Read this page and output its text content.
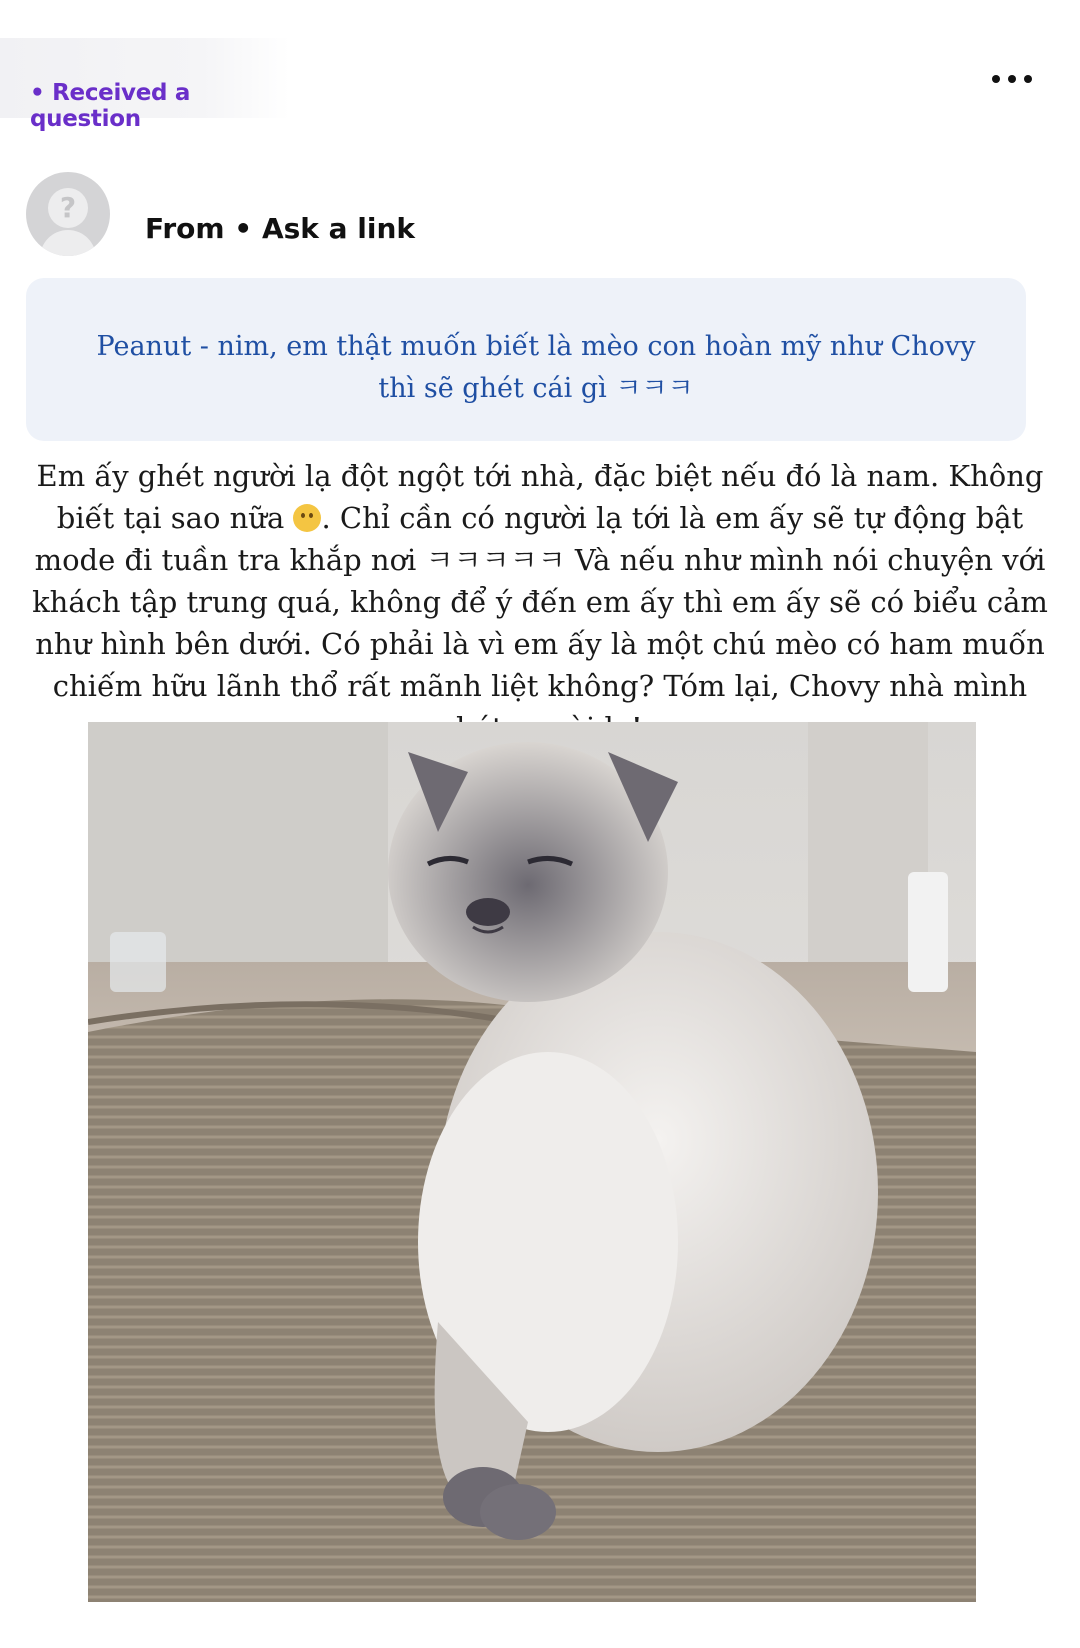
• Received a question
?
From • Ask a link
Peanut - nim, em thật muốn biết là mèo con hoàn mỹ như Chovy thì sẽ ghét cái gì ㅋㅋㅋ
Em ấy ghét người lạ đột ngột tới nhà, đặc biệt nếu đó là nam. Không biết tại sao nữa . Chỉ cần có người lạ tới là em ấy sẽ tự động bật mode đi tuần tra khắp nơi ㅋㅋㅋㅋㅋ Và nếu như mình nói chuyện với khách tập trung quá, không để ý đến em ấy thì em ấy sẽ có biểu cảm như hình bên dưới. Có phải là vì em ấy là một chú mèo có ham muốn chiếm hữu lãnh thổ rất mãnh liệt không? Tóm lại, Chovy nhà mình
